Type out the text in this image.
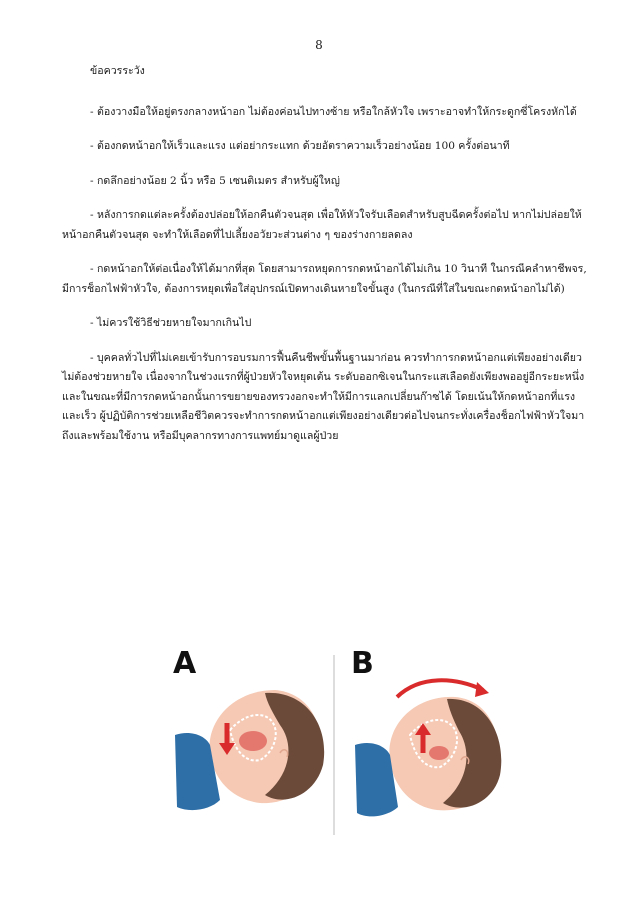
8
ข้อควรระวัง
- ต้องวางมือให้อยู่ตรงกลางหน้าอก ไม่ต้องค่อนไปทางซ้าย หรือใกล้หัวใจ เพราะอาจทำให้กระดูกซี่โครงหักได้
- ต้องกดหน้าอกให้เร็วและแรง แต่อย่ากระแทก ด้วยอัตราความเร็วอย่างน้อย 100 ครั้งต่อนาที
- กดลึกอย่างน้อย 2 นิ้ว หรือ 5 เซนติเมตร สำหรับผู้ใหญ่
- หลังการกดแต่ละครั้งต้องปล่อยให้อกคืนตัวจนสุด เพื่อให้หัวใจรับเลือดสำหรับสูบฉีดครั้งต่อไป หากไม่ปล่อยให้หน้าอกคืนตัวจนสุด จะทำให้เลือดที่ไปเลี้ยงอวัยวะส่วนต่าง ๆ ของร่างกายลดลง
- กดหน้าอกให้ต่อเนื่องให้ได้มากที่สุด โดยสามารถหยุดการกดหน้าอกได้ไม่เกิน 10 วินาที ในกรณีคลำหาชีพจร, มีการช็อกไฟฟ้าหัวใจ, ต้องการหยุดเพื่อใส่อุปกรณ์เปิดทางเดินหายใจขั้นสูง (ในกรณีที่ใส่ในขณะกดหน้าอกไม่ได้)
- ไม่ควรใช้วิธีช่วยหายใจมากเกินไป
- บุคคลทั่วไปที่ไม่เคยเข้ารับการอบรมการฟื้นคืนชีพขั้นพื้นฐานมาก่อน ควรทำการกดหน้าอกแต่เพียงอย่างเดียว ไม่ต้องช่วยหายใจ เนื่องจากในช่วงแรกที่ผู้ป่วยหัวใจหยุดเต้น ระดับออกซิเจนในกระแสเลือดยังเพียงพออยู่อีกระยะหนึ่ง และในขณะที่มีการกดหน้าอกนั้นการขยายของทรวงอกจะทำให้มีการแลกเปลี่ยนก๊าซได้ โดยเน้นให้กดหน้าอกที่แรงและเร็ว ผู้ปฏิบัติการช่วยเหลือชีวิตควรจะทำการกดหน้าอกแต่เพียงอย่างเดียวต่อไปจนกระทั่งเครื่องช็อกไฟฟ้าหัวใจมาถึงและพร้อมใช้งาน หรือมีบุคลากรทางการแพทย์มาดูแลผู้ป่วย
A	B
